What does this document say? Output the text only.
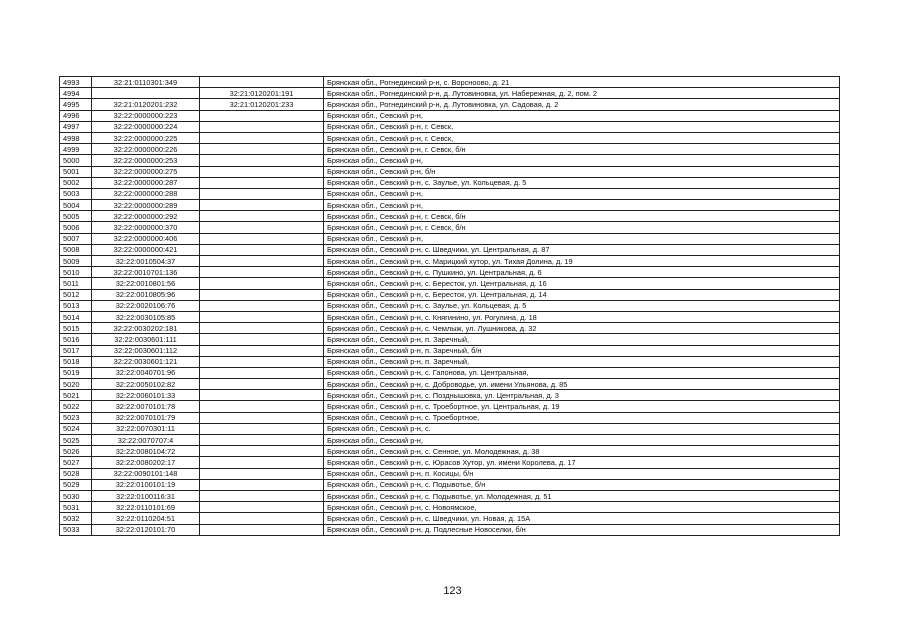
4993	32:21:0110301:349		Брянская обл., Рогнединский р-н, с. Ворсноово, д. 21
4994		32:21:0120201:191	Брянская обл., Рогнединский р-н, д. Лутовиновка, ул. Набережная, д. 2, пом. 2
4995	32:21:0120201:232	32:21:0120201:233	Брянская обл., Рогнединский р-н, д. Лутовиновка, ул. Садовая, д. 2
4996	32:22:0000000:223		Брянская обл., Севский р-н,
4997	32:22:0000000:224		Брянская обл., Севский р-н, г. Севск,
4998	32:22:0000000:225		Брянская обл., Севский р-н, г. Севск,
4999	32:22:0000000:226		Брянская обл., Севский р-н, г. Севск, б/н
5000	32:22:0000000:253		Брянская обл., Севский р-н,
5001	32:22:0000000:275		Брянская обл., Севский р-н, б/н
5002	32:22:0000000:287		Брянская обл., Севский р-н, с. Заулье, ул. Кольцевая, д. 5
5003	32:22:0000000:288		Брянская обл., Севский р-н,
5004	32:22:0000000:289		Брянская обл., Севский р-н,
5005	32:22:0000000:292		Брянская обл., Севский р-н, г. Севск, б/н
5006	32:22:0000000:370		Брянская обл., Севский р-н, г. Севск, б/н
5007	32:22:0000000:406		Брянская обл., Севский р-н,
5008	32:22:0000000:421		Брянская обл., Севский р-н, с. Шведчики, ул. Центральная, д. 87
5009	32:22:0010504:37		Брянская обл., Севский р-н, с. Марицкий хутор, ул. Тихая Долина, д. 19
5010	32:22:0010701:136		Брянская обл., Севский р-н, с. Пушкино, ул. Центральная, д. 6
5011	32:22:0010801:56		Брянская обл., Севский р-н, с. Бересток, ул. Центральная, д. 16
5012	32:22:0010805:96		Брянская обл., Севский р-н, с. Бересток, ул. Центральная, д. 14
5013	32:22:0020106:76		Брянская обл., Севский р-н, с. Заулье, ул. Кольцевая, д. 5
5014	32:22:0030105:85		Брянская обл., Севский р-н, с. Княгинино, ул. Рогулина, д. 18
5015	32:22:0030202:181		Брянская обл., Севский р-н, с. Чемлыж, ул. Лушникова, д. 32
5016	32:22:0030601:111		Брянская обл., Севский р-н, п. Заречный,
5017	32:22:0030601:112		Брянская обл., Севский р-н, п. Заречный, б/н
5018	32:22:0030601:121		Брянская обл., Севский р-н, п. Заречный,
5019	32:22:0040701:96		Брянская обл., Севский р-н, с. Гапонова, ул. Центральная,
5020	32:22:0050102:82		Брянская обл., Севский р-н, с. Доброводье, ул. имени Ульянова, д. 85
5021	32:22:0060101:33		Брянская обл., Севский р-н, с. Позднышовка, ул. Центральная, д. 3
5022	32:22:0070101:78		Брянская обл., Севский р-н, с. Троебортное, ул. Центральная, д. 19
5023	32:22:0070101:79		Брянская обл., Севский р-н, с. Троебортное,
5024	32:22:0070301:11		Брянская обл., Севский р-н, с.
5025	32:22:0070707:4		Брянская обл., Севский р-н,
5026	32:22:0080104:72		Брянская обл., Севский р-н, с. Сенное, ул. Молодежная, д. 38
5027	32:22:0080202:17		Брянская обл., Севский р-н, с. Юрасов Хутор, ул. имени Королева, д. 17
5028	32:22:0090101:148		Брянская обл., Севский р-н, п. Косицы, б/н
5029	32:22:0100101:19		Брянская обл., Севский р-н, с. Подывотье, б/н
5030	32:22:0100116:31		Брянская обл., Севский р-н, с. Подывотье, ул. Молодежная, д. 51
5031	32:22:0110101:69		Брянская обл., Севский р-н, с. Новоямское,
5032	32:22:0110204:51		Брянская обл., Севский р-н, с. Шведчики, ул. Новая, д. 15А
5033	32:22:0120101:70		Брянская обл., Севский р-н, д. Подлесные Новоселки, б/н
123
